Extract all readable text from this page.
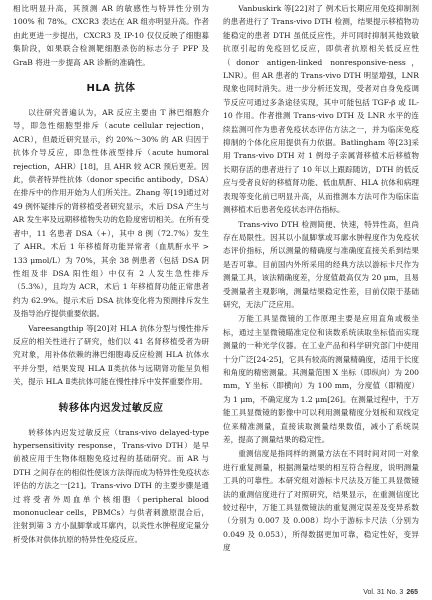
相比明显升高，其预测 AR 的敏感性与特异性分别为 100% 和 78%。CXCR3 表达在 AR 组亦明显升高。作者由此更进一步提出，CXCR3 及 IP-10 仅仅反映了细胞募集阶段，如果联合检测靶细胞杀伤的标志分子 PFP 及 GraB 将进一步提高 AR 诊断的准确性。

HLA 抗体

以往研究普遍认为，AR 反应主要由 T 淋巴细胞介导，即急性细胞型排斥（acute cellular rejection，ACR），但最近研究显示，约 20%～30% 的 AR 归因于抗体介导反应，即急性体液型排斥（acute humoral rejection，AHR）[18]，且 AHR 较 ACR 预后更差。因此，供者特异性抗体（donor specific antibody，DSA）在排斥中的作用开始为人们所关注。Zhang 等[19]通过对 49 例怀疑排斥的肾移植受者研究显示，术后 DSA 产生与 AR 发生率及远期移植物失功的危险度密切相关。在所有受者中，11 名患者 DSA（+），其中 8 例（72.7%）发生了 AHR。术后 1 年移植肾功能异常者（血肌酐水平 > 133 μmol/L）为 70%，其余 38 例患者（包括 DSA 阴性组及非 DSA 阳性组）中仅有 2 人发生急性排斥（5.3%），且均为 ACR，术后 1 年移植肾功能正常患者约为 62.9%。提示术后 DSA 抗体变化将为预测排斥发生及指导治疗提供重要依据。

Vareesangthip 等[20]对 HLA 抗体分型与慢性排斥反应的相关性进行了研究，他们以 41 名肾移植受者为研究对象，用补体依赖的淋巴细胞毒反应检测 HLA 抗体水平并分型，结果发现 HLA Ⅱ类抗体与远期肾功能呈负相关，提示 HLA Ⅱ类抗体可能在慢性排斥中发挥重要作用。

转移体内迟发过敏反应

转移体内迟发过敏反应（trans-vivo delayed-type hypersensitivity response，Trans-vivo DTH）是早前被应用于生物体细胞免疫过程的基础研究。而 AR 与 DTH 之间存在的相似性使该方法得而成为特异性免疫状态评估的方法之一[21]。Trans-vivo DTH 的主要步骤是通过将受者外周血单个核细胞（peripheral blood mononuclear cells，PBMCs）与供者刺激原混合后，注射到第 3 方小鼠脚掌或耳廓内，以炎性水肿程度定量分析受体对供体抗原的特异性免疫反应。

Vanbuskirk 等[22]对了 例术后长期应用免疫抑制剂的患者进行了 Trans-vivo DTH 检测，结果提示移植物功能稳定的患者 DTH 虽低反应性，并可同时抑制其他致敏抗原引起的免疫回忆反应，即供者抗原相关低反应性（donor antigen-linked nonresponsive-ness，LNR）。但 AR 患者的 Trans-vivo DTH 明显增强，LNR 现象也同时消失。进一步分析还发现，受者对自身免疫调节反应可通过多条途径实现，其中可能包括 TGF-β 或 IL-10 作用。作者推测 Trans-vivo DTH 及 LNR 水平的连续监测可作为患者免疫状态评估方法之一，并为临床免疫抑制的个体化应用提供有力依据。Batlingham 等[23]采用 Trans-vivo DTH 对 1 例母子亲属肾移植术后移植物长期存活的患者进行了 10 年以上跟踪随访，DTH 的低反应与受者良好的移植肾功能、低血肌酐、HLA 抗体和病理表现等变化前已明显升高，从而推测本方法可作为临床监测移植术后患者免疫状态评估指标。

Trans-vivo DTH 检测简便、快速，特异性高，但尚存在局限性。因其以小鼠脚掌或耳廓水肿程度作为免疫状态评价指标，所以测量的精确度与准确度直接关系到结果是否可靠。目前国内外所采用的经典方法以游标卡尺作为测量工具，该法精确度差，分度值最高仅为 20 μm，且易受测量者主观影响，测量结果稳定性差，目前仅限于基础研究，无法广泛应用。

万能工具显微镜的工作原理主要是应用直角或极坐标，通过主显微镜瞄准定位和读数系统读取坐标值而实现测量的一种光学仪器。在工业产品和科学研究部门中使用十分广泛[24-25]，它具有较高的测量精确度，适用于长度和角度的精密测量。其测量范围 X 坐标（即纵向）为 200 mm，Y 坐标（即横向）为 100 mm，分度值（即精度）为 1 μm，不确定度为 1.2 μm[26]。在测量过程中，于万能工具显微镜的影像中可以利用测量精度分划板和双线定位来精准测量，直接读取测量结果数值，减小了系统误差，提高了测量结果的稳定性。

重测信度是指同样的测量方法在不同时间对同一对象进行重复测量，根据测量结果的相互符合程度，说明测量工具的可靠性。本研究组对游标卡尺法及万能工具显微镜法的重测信度进行了对照研究，结果显示，在重测信度比较过程中，万能工具显微镜法的重复测定误差及变异系数（分别为 0.007 及 0.008）均小于游标卡尺法（分别为 0.049 及 0.053），所得数据更加可靠，稳定性好，变异度

Vol. 31 No. 3 265
